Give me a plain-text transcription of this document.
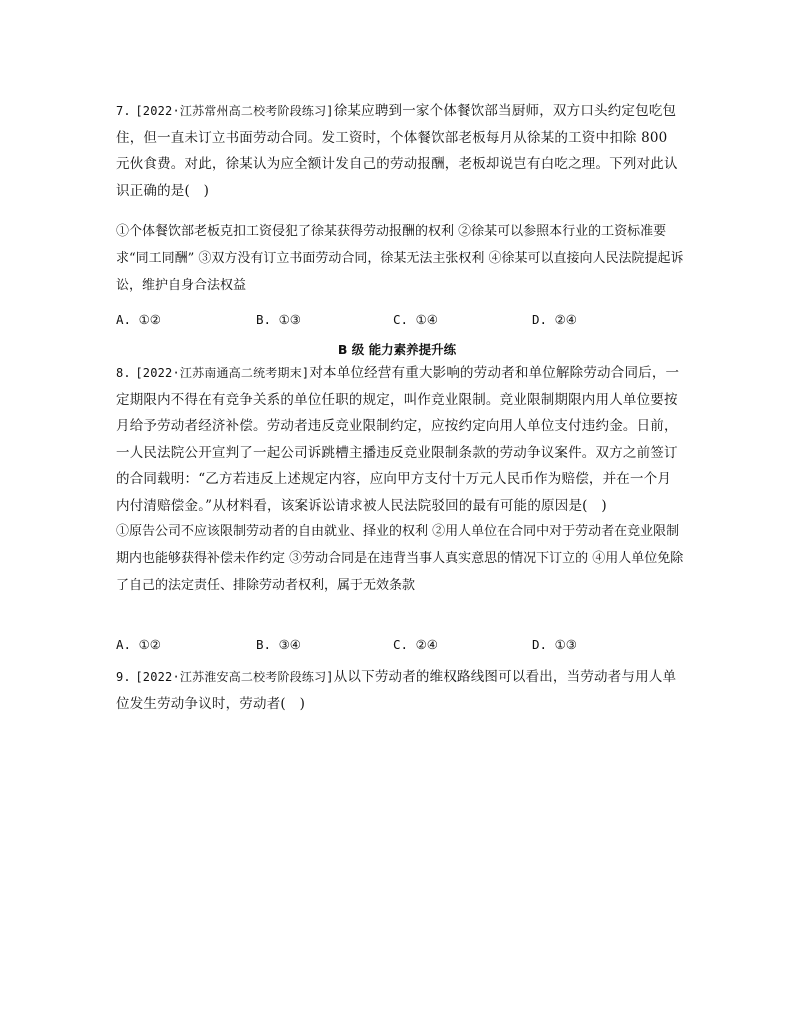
7. [2022·江苏常州高二校考阶段练习]徐某应聘到一家个体餐饮部当厨师，双方口头约定包吃包住，但一直未订立书面劳动合同。发工资时，个体餐饮部老板每月从徐某的工资中扣除 800 元伙食费。对此，徐某认为应全额计发自己的劳动报酬，老板却说岂有白吃之理。下列对此认识正确的是(　)
①个体餐饮部老板克扣工资侵犯了徐某获得劳动报酬的权利 ②徐某可以参照本行业的工资标准要求“同工同酬” ③双方没有订立书面劳动合同，徐某无法主张权利 ④徐某可以直接向人民法院提起诉讼，维护自身合法权益
A. ①②	B. ①③	C. ①④	D. ②④
B 级 能力素养提升练
8. [2022·江苏南通高二统考期末]对本单位经营有重大影响的劳动者和单位解除劳动合同后，一定期限内不得在有竞争关系的单位任职的规定，叫作竞业限制。竞业限制期限内用人单位要按月给予劳动者经济补偿。劳动者违反竞业限制约定，应按约定向用人单位支付违约金。日前，一人民法院公开宣判了一起公司诉跳槽主播违反竞业限制条款的劳动争议案件。双方之前签订的合同载明：“乙方若违反上述规定内容，应向甲方支付十万元人民币作为赔偿，并在一个月内付清赔偿金。”从材料看，该案诉讼请求被人民法院驳回的最有可能的原因是(　)
①原告公司不应该限制劳动者的自由就业、择业的权利 ②用人单位在合同中对于劳动者在竞业限制期内也能够获得补偿未作约定 ③劳动合同是在违背当事人真实意思的情况下订立的 ④用人单位免除了自己的法定责任、排除劳动者权利，属于无效条款
A. ①②	B. ③④	C. ②④	D. ①③
9. [2022·江苏淮安高二校考阶段练习]从以下劳动者的维权路线图可以看出，当劳动者与用人单位发生劳动争议时，劳动者(　)
